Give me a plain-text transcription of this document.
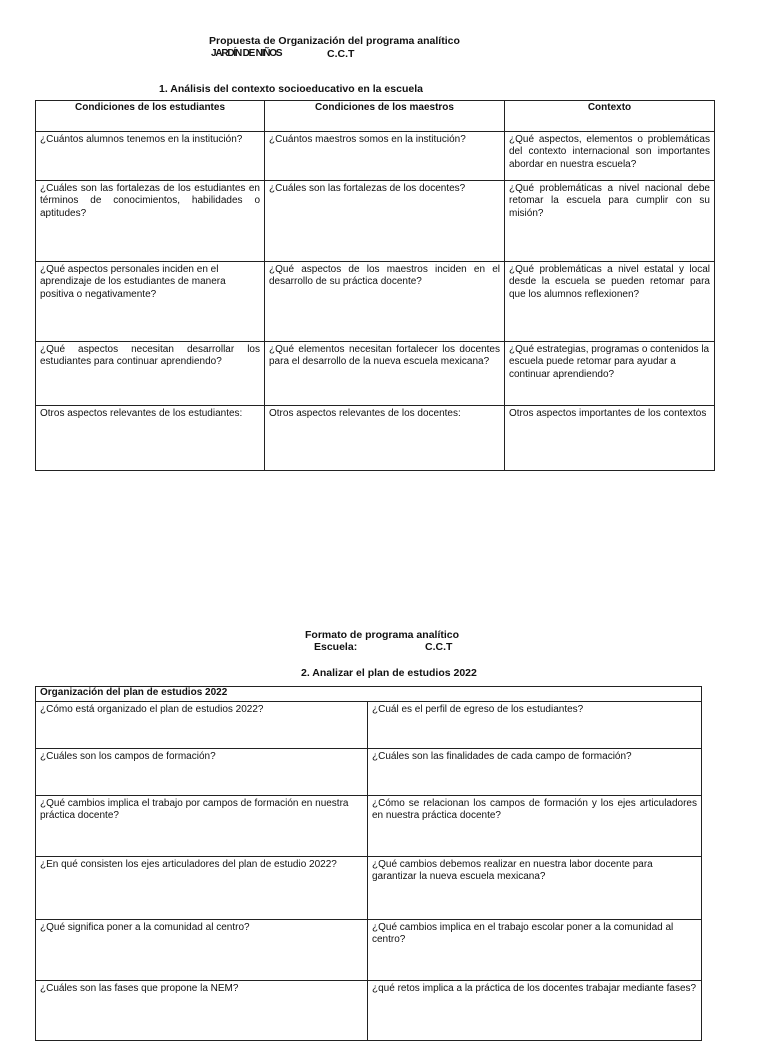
Propuesta de Organización del programa analítico
JARDÍN DE NIÑOS	C.C.T
1. Análisis del contexto socioeducativo en la escuela
Condiciones de los estudiantes	Condiciones de los maestros	Contexto
¿Cuántos alumnos tenemos en la institución?	¿Cuántos maestros somos en la institución?	¿Qué aspectos, elementos o problemáticas del contexto internacional son importantes abordar en nuestra escuela?
¿Cuáles son las fortalezas de los estudiantes en términos de conocimientos, habilidades o aptitudes?	¿Cuáles son las fortalezas de los docentes?	¿Qué problemáticas a nivel nacional debe retomar la escuela para cumplir con su misión?
¿Qué aspectos personales inciden en el aprendizaje de los estudiantes de manera positiva o negativamente?	¿Qué aspectos de los maestros inciden en el desarrollo de su práctica docente?	¿Qué problemáticas a nivel estatal y local desde la escuela se pueden retomar para que los alumnos reflexionen?
¿Qué aspectos necesitan desarrollar los estudiantes para continuar aprendiendo?	¿Qué elementos necesitan fortalecer los docentes para el desarrollo de la nueva escuela mexicana?	¿Qué estrategias, programas o contenidos la escuela puede retomar para ayudar a continuar aprendiendo?
Otros aspectos relevantes de los estudiantes:	Otros aspectos relevantes de los docentes:	Otros aspectos importantes de los contextos
Formato de programa analítico
Escuela:	C.C.T
2. Analizar el plan de estudios 2022
Organización del plan de estudios 2022	
¿Cómo está organizado el plan de estudios 2022?	¿Cuál es el perfil de egreso de los estudiantes?
¿Cuáles son los campos de formación?	¿Cuáles son las finalidades de cada campo de formación?
¿Qué cambios implica el trabajo por campos de formación en nuestra práctica docente?	¿Cómo se relacionan los campos de formación y los ejes articuladores en nuestra práctica docente?
¿En qué consisten los ejes articuladores del plan de estudio 2022?	¿Qué cambios debemos realizar en nuestra labor docente para garantizar la nueva escuela mexicana?
¿Qué significa poner a la comunidad al centro?	¿Qué cambios implica en el trabajo escolar poner a la comunidad al centro?
¿Cuáles son las fases que propone la NEM?	¿qué retos implica a la práctica de los docentes trabajar mediante fases?
